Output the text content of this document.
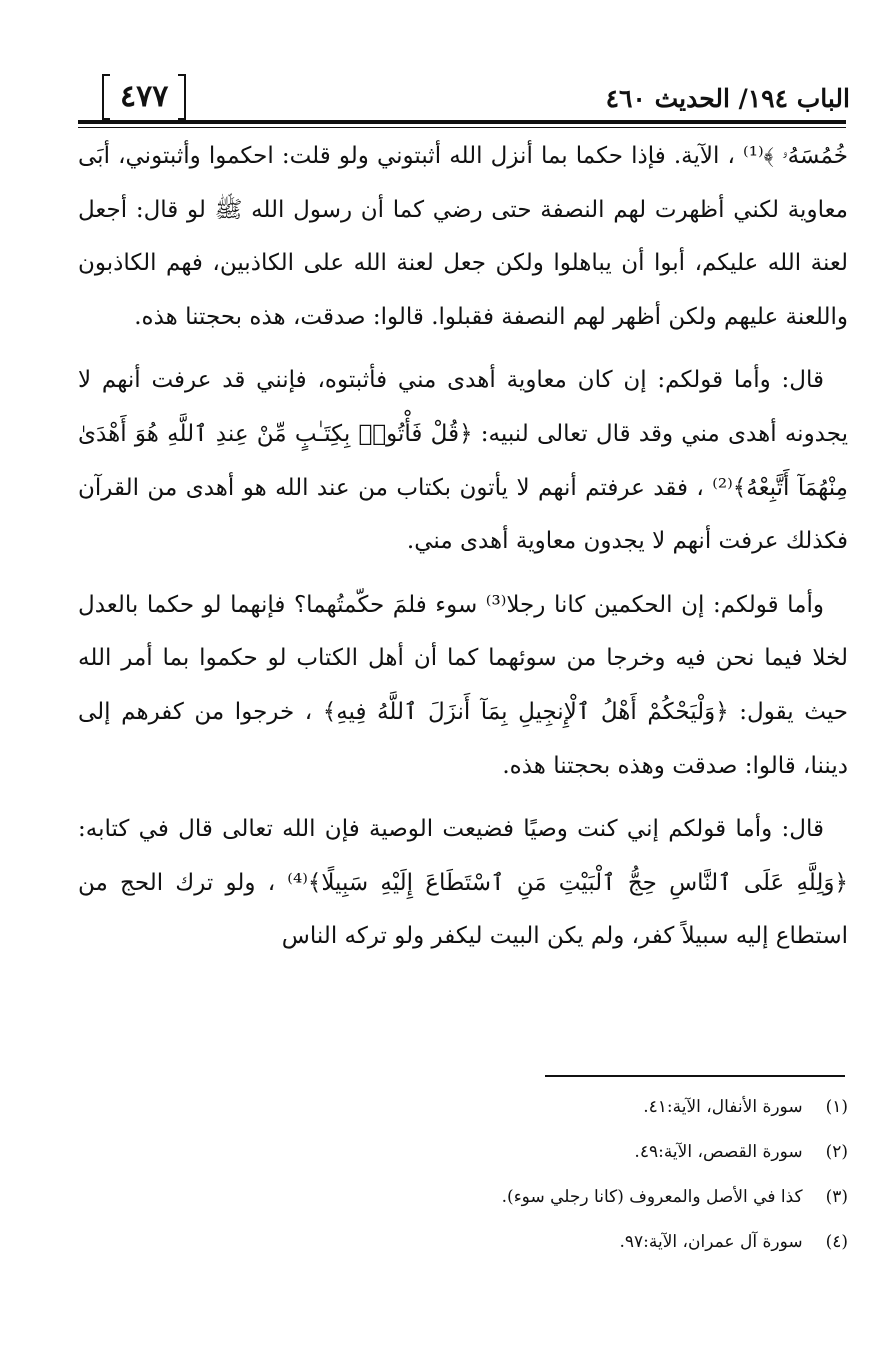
٤٧٧	الباب ١٩٤/ الحديث ٤٦٠

خُمُسَهُۥ ﴾⁽¹⁾ ، الآية. فإذا حكما بما أنزل الله أثبتوني ولو قلت: احكموا وأثبتوني، أبَى معاوية لكني أظهرت لهم النصفة حتى رضي كما أن رسول الله ﷺ لو قال: أجعل لعنة الله عليكم، أبوا أن يباهلوا ولكن جعل لعنة الله على الكاذبين، فهم الكاذبون واللعنة عليهم ولكن أظهر لهم النصفة فقبلوا. قالوا: صدقت، هذه بحجتنا هذه.

قال: وأما قولكم: إن كان معاوية أهدى مني فأثبتوه، فإنني قد عرفت أنهم لا يجدونه أهدى مني وقد قال تعالى لنبيه: ﴿قُلْ فَأْتُوا۟ بِكِتَـٰبٍ مِّنْ عِندِ ٱللَّهِ هُوَ أَهْدَىٰ مِنْهُمَآ أَتَّبِعْهُ﴾⁽²⁾ ، فقد عرفتم أنهم لا يأتون بكتاب من عند الله هو أهدى من القرآن فكذلك عرفت أنهم لا يجدون معاوية أهدى مني.

وأما قولكم: إن الحكمين كانا رجلا⁽³⁾ سوء فلمَ حكّمتُهما؟ فإنهما لو حكما بالعدل لخلا فيما نحن فيه وخرجا من سوئهما كما أن أهل الكتاب لو حكموا بما أمر الله حيث يقول: ﴿وَلْيَحْكُمْ أَهْلُ ٱلْإِنجِيلِ بِمَآ أَنزَلَ ٱللَّهُ فِيهِ﴾ ، خرجوا من كفرهم إلى ديننا، قالوا: صدقت وهذه بحجتنا هذه.

قال: وأما قولكم إني كنت وصيًا فضيعت الوصية فإن الله تعالى قال في كتابه: ﴿وَلِلَّهِ عَلَى ٱلنَّاسِ حِجُّ ٱلْبَيْتِ مَنِ ٱسْتَطَاعَ إِلَيْهِ سَبِيلًا﴾⁽⁴⁾ ، ولو ترك الحج من استطاع إليه سبيلاً كفر، ولم يكن البيت ليكفر ولو تركه الناس

(١) سورة الأنفال، الآية:٤١.
(٢) سورة القصص، الآية:٤٩.
(٣) كذا في الأصل والمعروف (كانا رجلي سوء).
(٤) سورة آل عمران، الآية:٩٧.
